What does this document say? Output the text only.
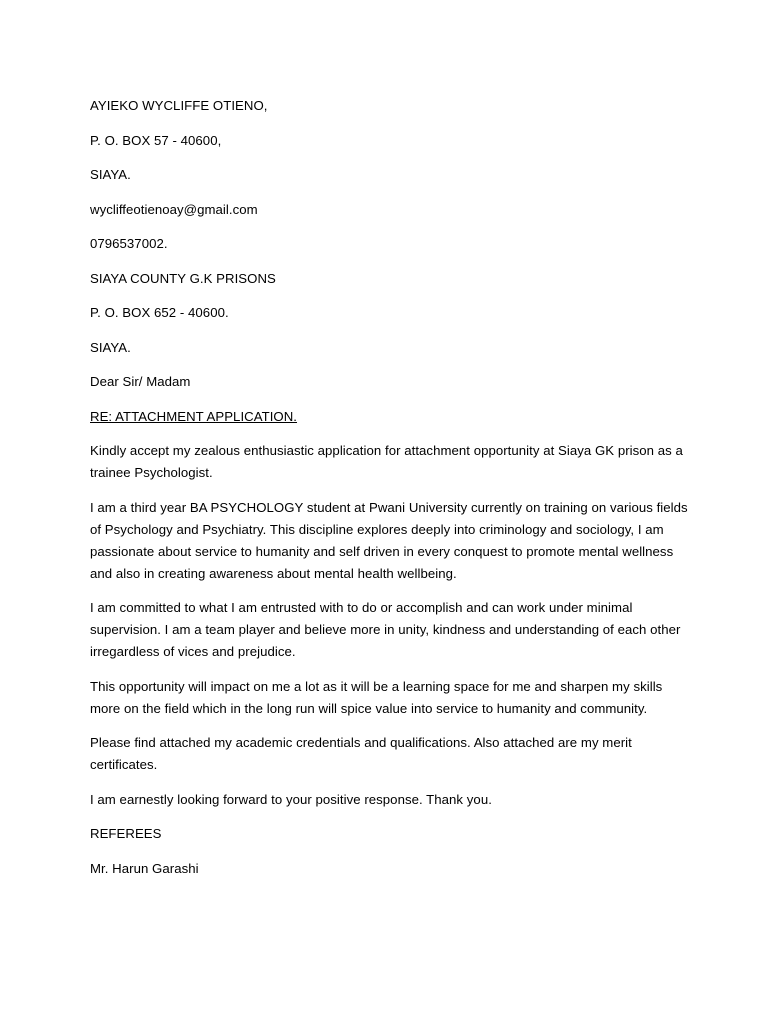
AYIEKO WYCLIFFE OTIENO,
P. O. BOX 57 - 40600,
SIAYA.
wycliffeotienoay@gmail.com
0796537002.
SIAYA COUNTY G.K PRISONS
P. O. BOX 652 - 40600.
SIAYA.
Dear Sir/ Madam
RE: ATTACHMENT APPLICATION.
Kindly accept my zealous enthusiastic application for attachment opportunity at Siaya GK prison as a trainee Psychologist.
I am a third year BA PSYCHOLOGY student at Pwani University currently on training on various fields of Psychology and Psychiatry. This discipline explores deeply into criminology and sociology, I am passionate about service to humanity and self driven in every conquest to promote mental wellness and also in creating awareness about mental health wellbeing.
I am committed to what I am entrusted with to do or accomplish and can work under minimal supervision. I am a team player and believe more in unity, kindness and understanding of each other irregardless of vices and prejudice.
This opportunity will impact on me a lot as it will be a learning space for me and sharpen my skills more on the field which in the long run will spice value into service to humanity and community.
Please find attached my academic credentials and qualifications. Also attached are my merit certificates.
I am earnestly looking forward to your positive response. Thank you.
REFEREES
Mr. Harun Garashi
